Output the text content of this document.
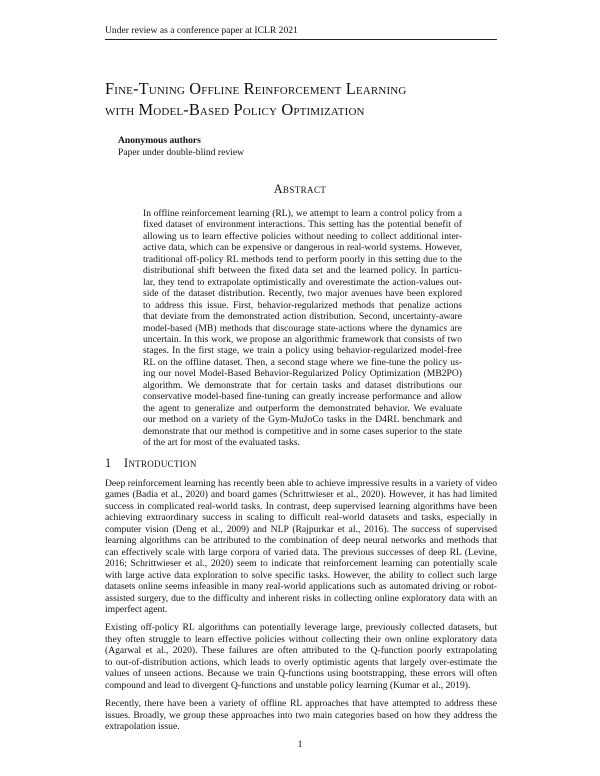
Under review as a conference paper at ICLR 2021
Fine-Tuning Offline Reinforcement Learning
with Model-Based Policy Optimization
Anonymous authors
Paper under double-blind review
Abstract
In offline reinforcement learning (RL), we attempt to learn a control policy from a
fixed dataset of environment interactions. This setting has the potential benefit of
allowing us to learn effective policies without needing to collect additional inter-
active data, which can be expensive or dangerous in real-world systems. However,
traditional off-policy RL methods tend to perform poorly in this setting due to the
distributional shift between the fixed data set and the learned policy. In particu-
lar, they tend to extrapolate optimistically and overestimate the action-values out-
side of the dataset distribution. Recently, two major avenues have been explored
to address this issue. First, behavior-regularized methods that penalize actions
that deviate from the demonstrated action distribution. Second, uncertainty-aware
model-based (MB) methods that discourage state-actions where the dynamics are
uncertain. In this work, we propose an algorithmic framework that consists of two
stages. In the first stage, we train a policy using behavior-regularized model-free
RL on the offline dataset. Then, a second stage where we fine-tune the policy us-
ing our novel Model-Based Behavior-Regularized Policy Optimization (MB2PO)
algorithm. We demonstrate that for certain tasks and dataset distributions our
conservative model-based fine-tuning can greatly increase performance and allow
the agent to generalize and outperform the demonstrated behavior. We evaluate
our method on a variety of the Gym-MuJoCo tasks in the D4RL benchmark and
demonstrate that our method is competitive and in some cases superior to the state
of the art for most of the evaluated tasks.
1 Introduction
Deep reinforcement learning has recently been able to achieve impressive results in a variety of video
games (Badia et al., 2020) and board games (Schrittwieser et al., 2020). However, it has had limited
success in complicated real-world tasks. In contrast, deep supervised learning algorithms have been
achieving extraordinary success in scaling to difficult real-world datasets and tasks, especially in
computer vision (Deng et al., 2009) and NLP (Rajpurkar et al., 2016). The success of supervised
learning algorithms can be attributed to the combination of deep neural networks and methods that
can effectively scale with large corpora of varied data. The previous successes of deep RL (Levine,
2016; Schrittwieser et al., 2020) seem to indicate that reinforcement learning can potentially scale
with large active data exploration to solve specific tasks. However, the ability to collect such large
datasets online seems infeasible in many real-world applications such as automated driving or robot-
assisted surgery, due to the difficulty and inherent risks in collecting online exploratory data with an
imperfect agent.
Existing off-policy RL algorithms can potentially leverage large, previously collected datasets, but
they often struggle to learn effective policies without collecting their own online exploratory data
(Agarwal et al., 2020). These failures are often attributed to the Q-function poorly extrapolating
to out-of-distribution actions, which leads to overly optimistic agents that largely over-estimate the
values of unseen actions. Because we train Q-functions using bootstrapping, these errors will often
compound and lead to divergent Q-functions and unstable policy learning (Kumar et al., 2019).
Recently, there have been a variety of offline RL approaches that have attempted to address these
issues. Broadly, we group these approaches into two main categories based on how they address the
extrapolation issue.
1
